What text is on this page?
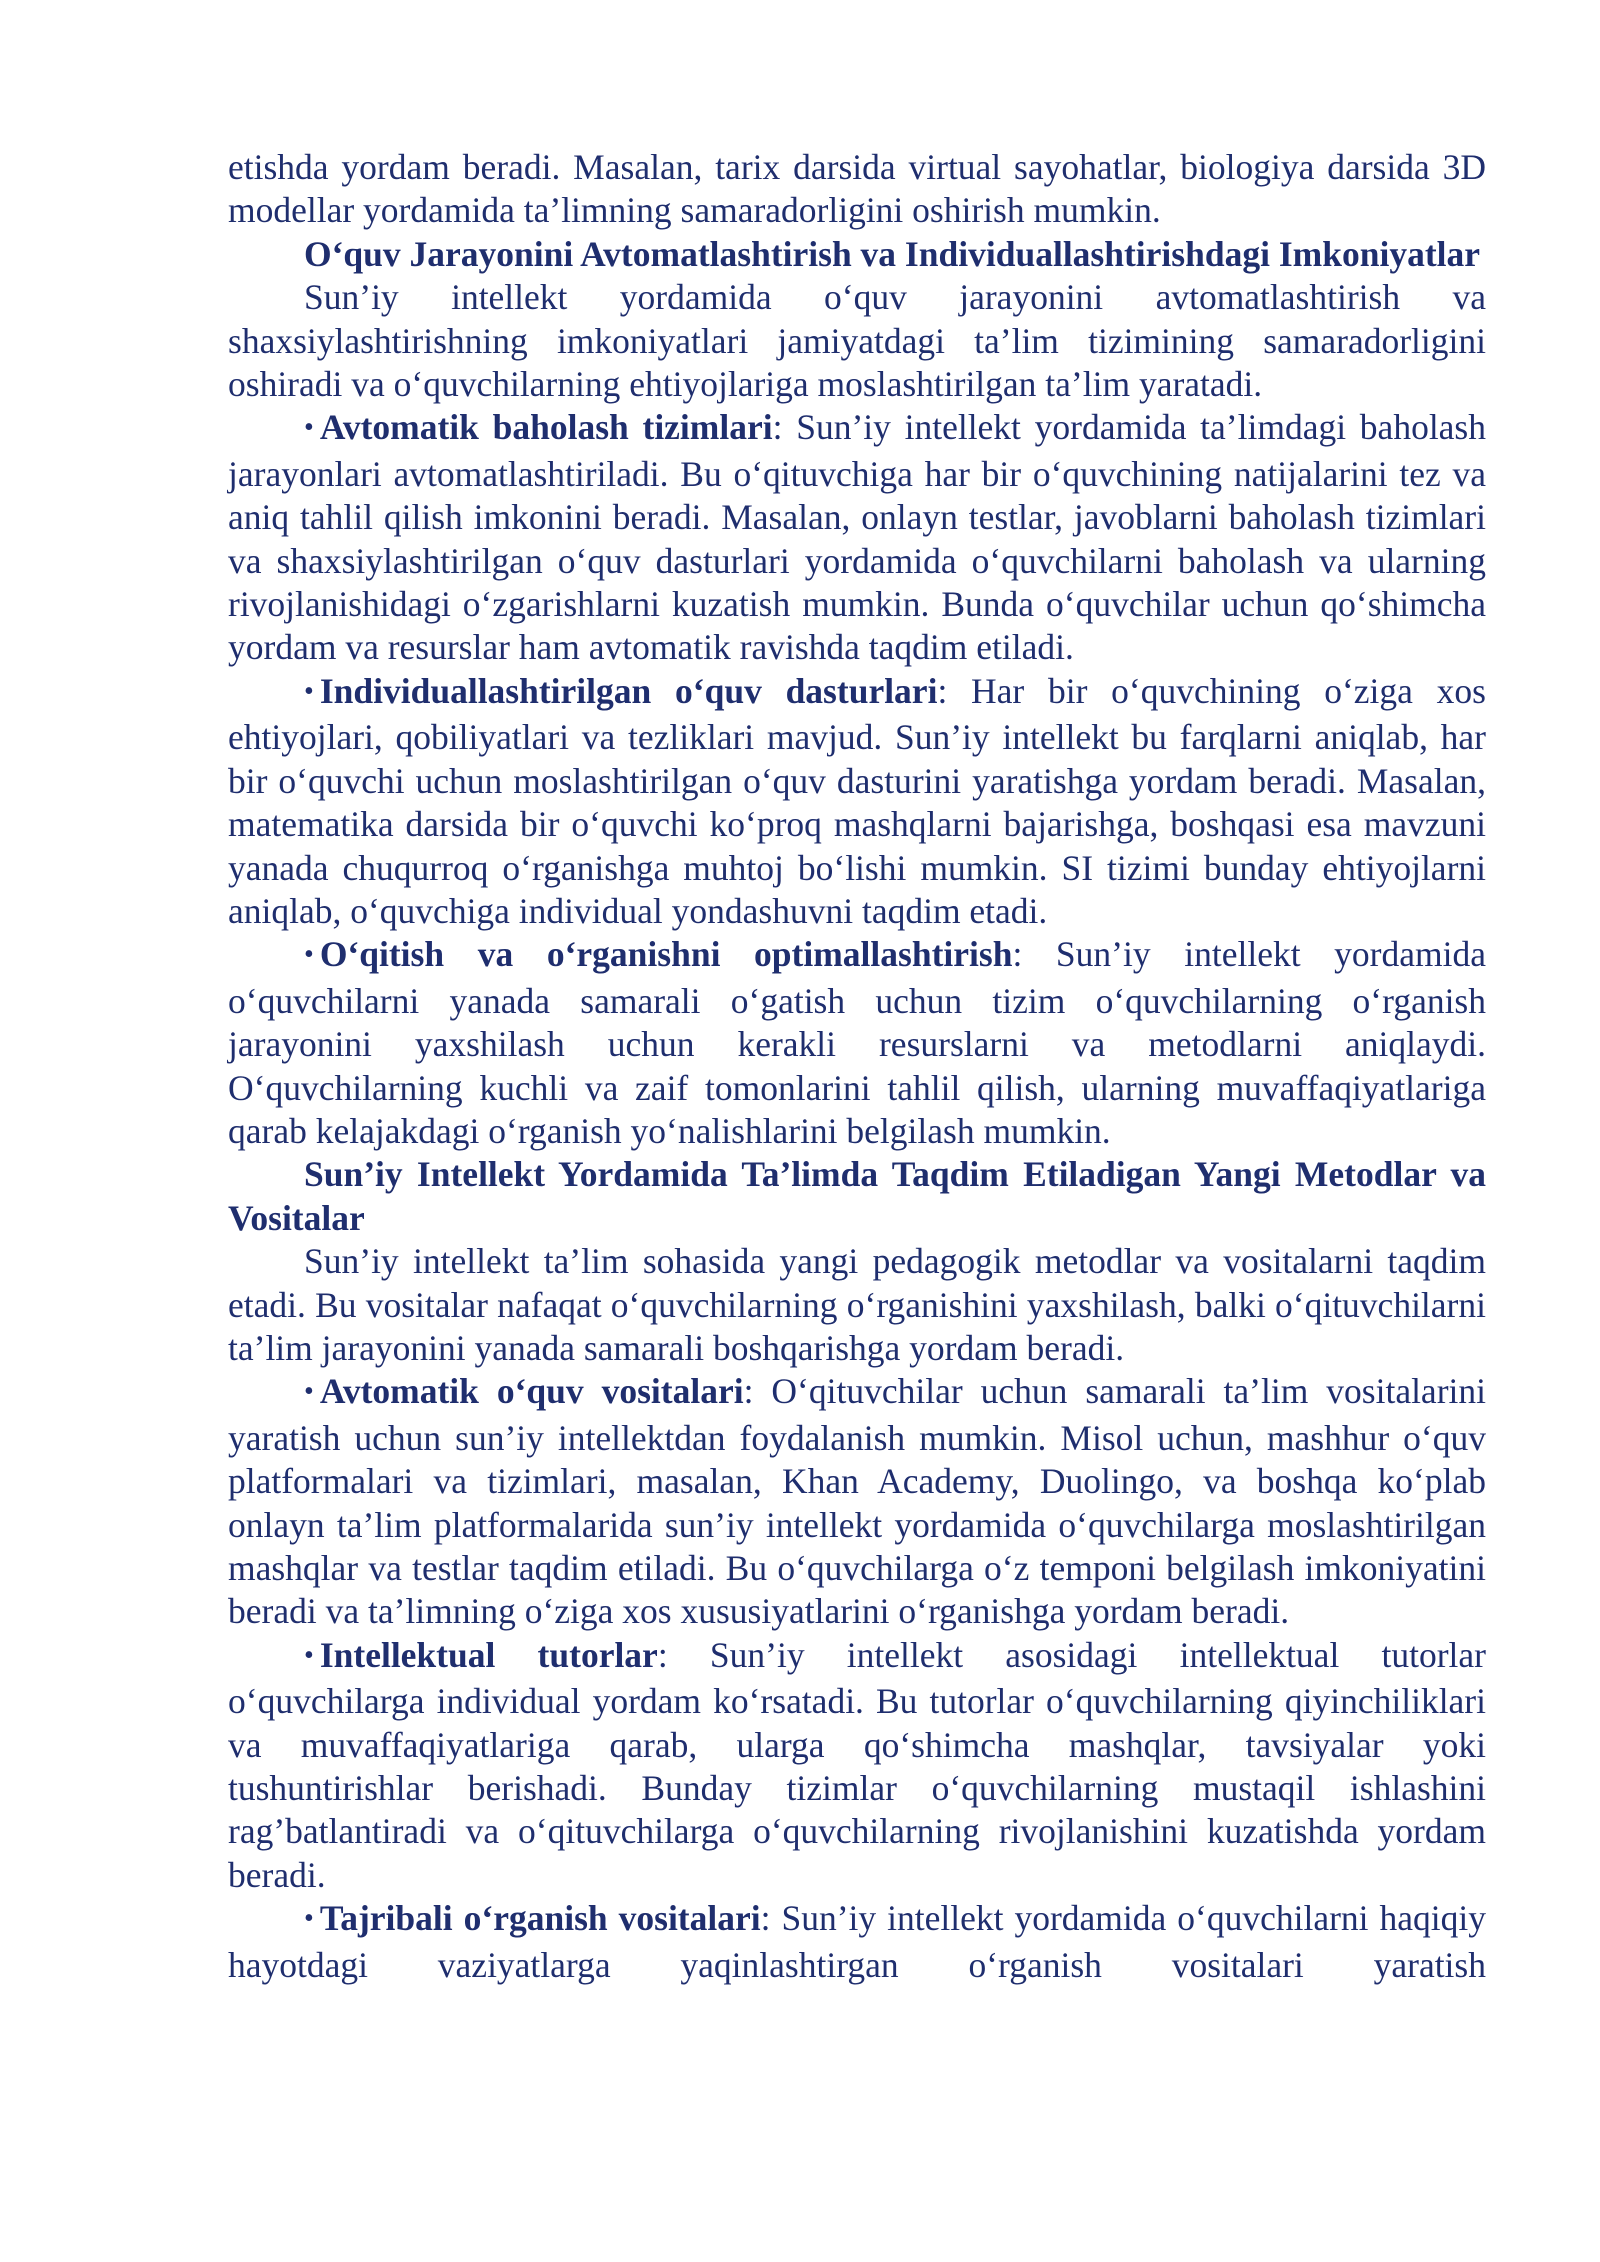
etishda yordam beradi. Masalan, tarix darsida virtual sayohatlar, biologiya darsida 3D modellar yordamida ta’limning samaradorligini oshirish mumkin.

O‘quv Jarayonini Avtomatlashtirish va Individuallashtirishdagi Imkoniyatlar

Sun’iy intellekt yordamida o‘quv jarayonini avtomatlashtirish va shaxsiylashtirishning imkoniyatlari jamiyatdagi ta’lim tizimining samaradorligini oshiradi va o‘quvchilarning ehtiyojlariga moslashtirilgan ta’lim yaratadi.

• Avtomatik baholash tizimlari: Sun’iy intellekt yordamida ta’limdagi baholash jarayonlari avtomatlashtiriladi. Bu o‘qituvchiga har bir o‘quvchining natijalarini tez va aniq tahlil qilish imkonini beradi. Masalan, onlayn testlar, javoblarni baholash tizimlari va shaxsiylashtirilgan o‘quv dasturlari yordamida o‘quvchilarni baholash va ularning rivojlanishidagi o‘zgarishlarni kuzatish mumkin. Bunda o‘quvchilar uchun qo‘shimcha yordam va resurslar ham avtomatik ravishda taqdim etiladi.

• Individuallashtirilgan o‘quv dasturlari: Har bir o‘quvchining o‘ziga xos ehtiyojlari, qobiliyatlari va tezliklari mavjud. Sun’iy intellekt bu farqlarni aniqlab, har bir o‘quvchi uchun moslashtirilgan o‘quv dasturini yaratishga yordam beradi. Masalan, matematika darsida bir o‘quvchi ko‘proq mashqlarni bajarishga, boshqasi esa mavzuni yanada chuqurroq o‘rganishga muhtoj bo‘lishi mumkin. SI tizimi bunday ehtiyojlarni aniqlab, o‘quvchiga individual yondashuvni taqdim etadi.

• O‘qitish va o‘rganishni optimallashtirish: Sun’iy intellekt yordamida o‘quvchilarni yanada samarali o‘gatish uchun tizim o‘quvchilarning o‘rganish jarayonini yaxshilash uchun kerakli resurslarni va metodlarni aniqlaydi. O‘quvchilarning kuchli va zaif tomonlarini tahlil qilish, ularning muvaffaqiyatlariga qarab kelajakdagi o‘rganish yo‘nalishlarini belgilash mumkin.

Sun’iy Intellekt Yordamida Ta’limda Taqdim Etiladigan Yangi Metodlar va Vositalar

Sun’iy intellekt ta’lim sohasida yangi pedagogik metodlar va vositalarni taqdim etadi. Bu vositalar nafaqat o‘quvchilarning o‘rganishini yaxshilash, balki o‘qituvchilarni ta’lim jarayonini yanada samarali boshqarishga yordam beradi.

• Avtomatik o‘quv vositalari: O‘qituvchilar uchun samarali ta’lim vositalarini yaratish uchun sun’iy intellektdan foydalanish mumkin. Misol uchun, mashhur o‘quv platformalari va tizimlari, masalan, Khan Academy, Duolingo, va boshqa ko‘plab onlayn ta’lim platformalarida sun’iy intellekt yordamida o‘quvchilarga moslashtirilgan mashqlar va testlar taqdim etiladi. Bu o‘quvchilarga o‘z temponi belgilash imkoniyatini beradi va ta’limning o‘ziga xos xususiyatlarini o‘rganishga yordam beradi.

• Intellektual tutorlar: Sun’iy intellekt asosidagi intellektual tutorlar o‘quvchilarga individual yordam ko‘rsatadi. Bu tutorlar o‘quvchilarning qiyinchiliklari va muvaffaqiyatlariga qarab, ularga qo‘shimcha mashqlar, tavsiyalar yoki tushuntirishlar berishadi. Bunday tizimlar o‘quvchilarning mustaqil ishlashini rag’batlantiradi va o‘qituvchilarga o‘quvchilarning rivojlanishini kuzatishda yordam beradi.

• Tajribali o‘rganish vositalari: Sun’iy intellekt yordamida o‘quvchilarni haqiqiy hayotdagi vaziyatlarga yaqinlashtirgan o‘rganish vositalari yaratish
